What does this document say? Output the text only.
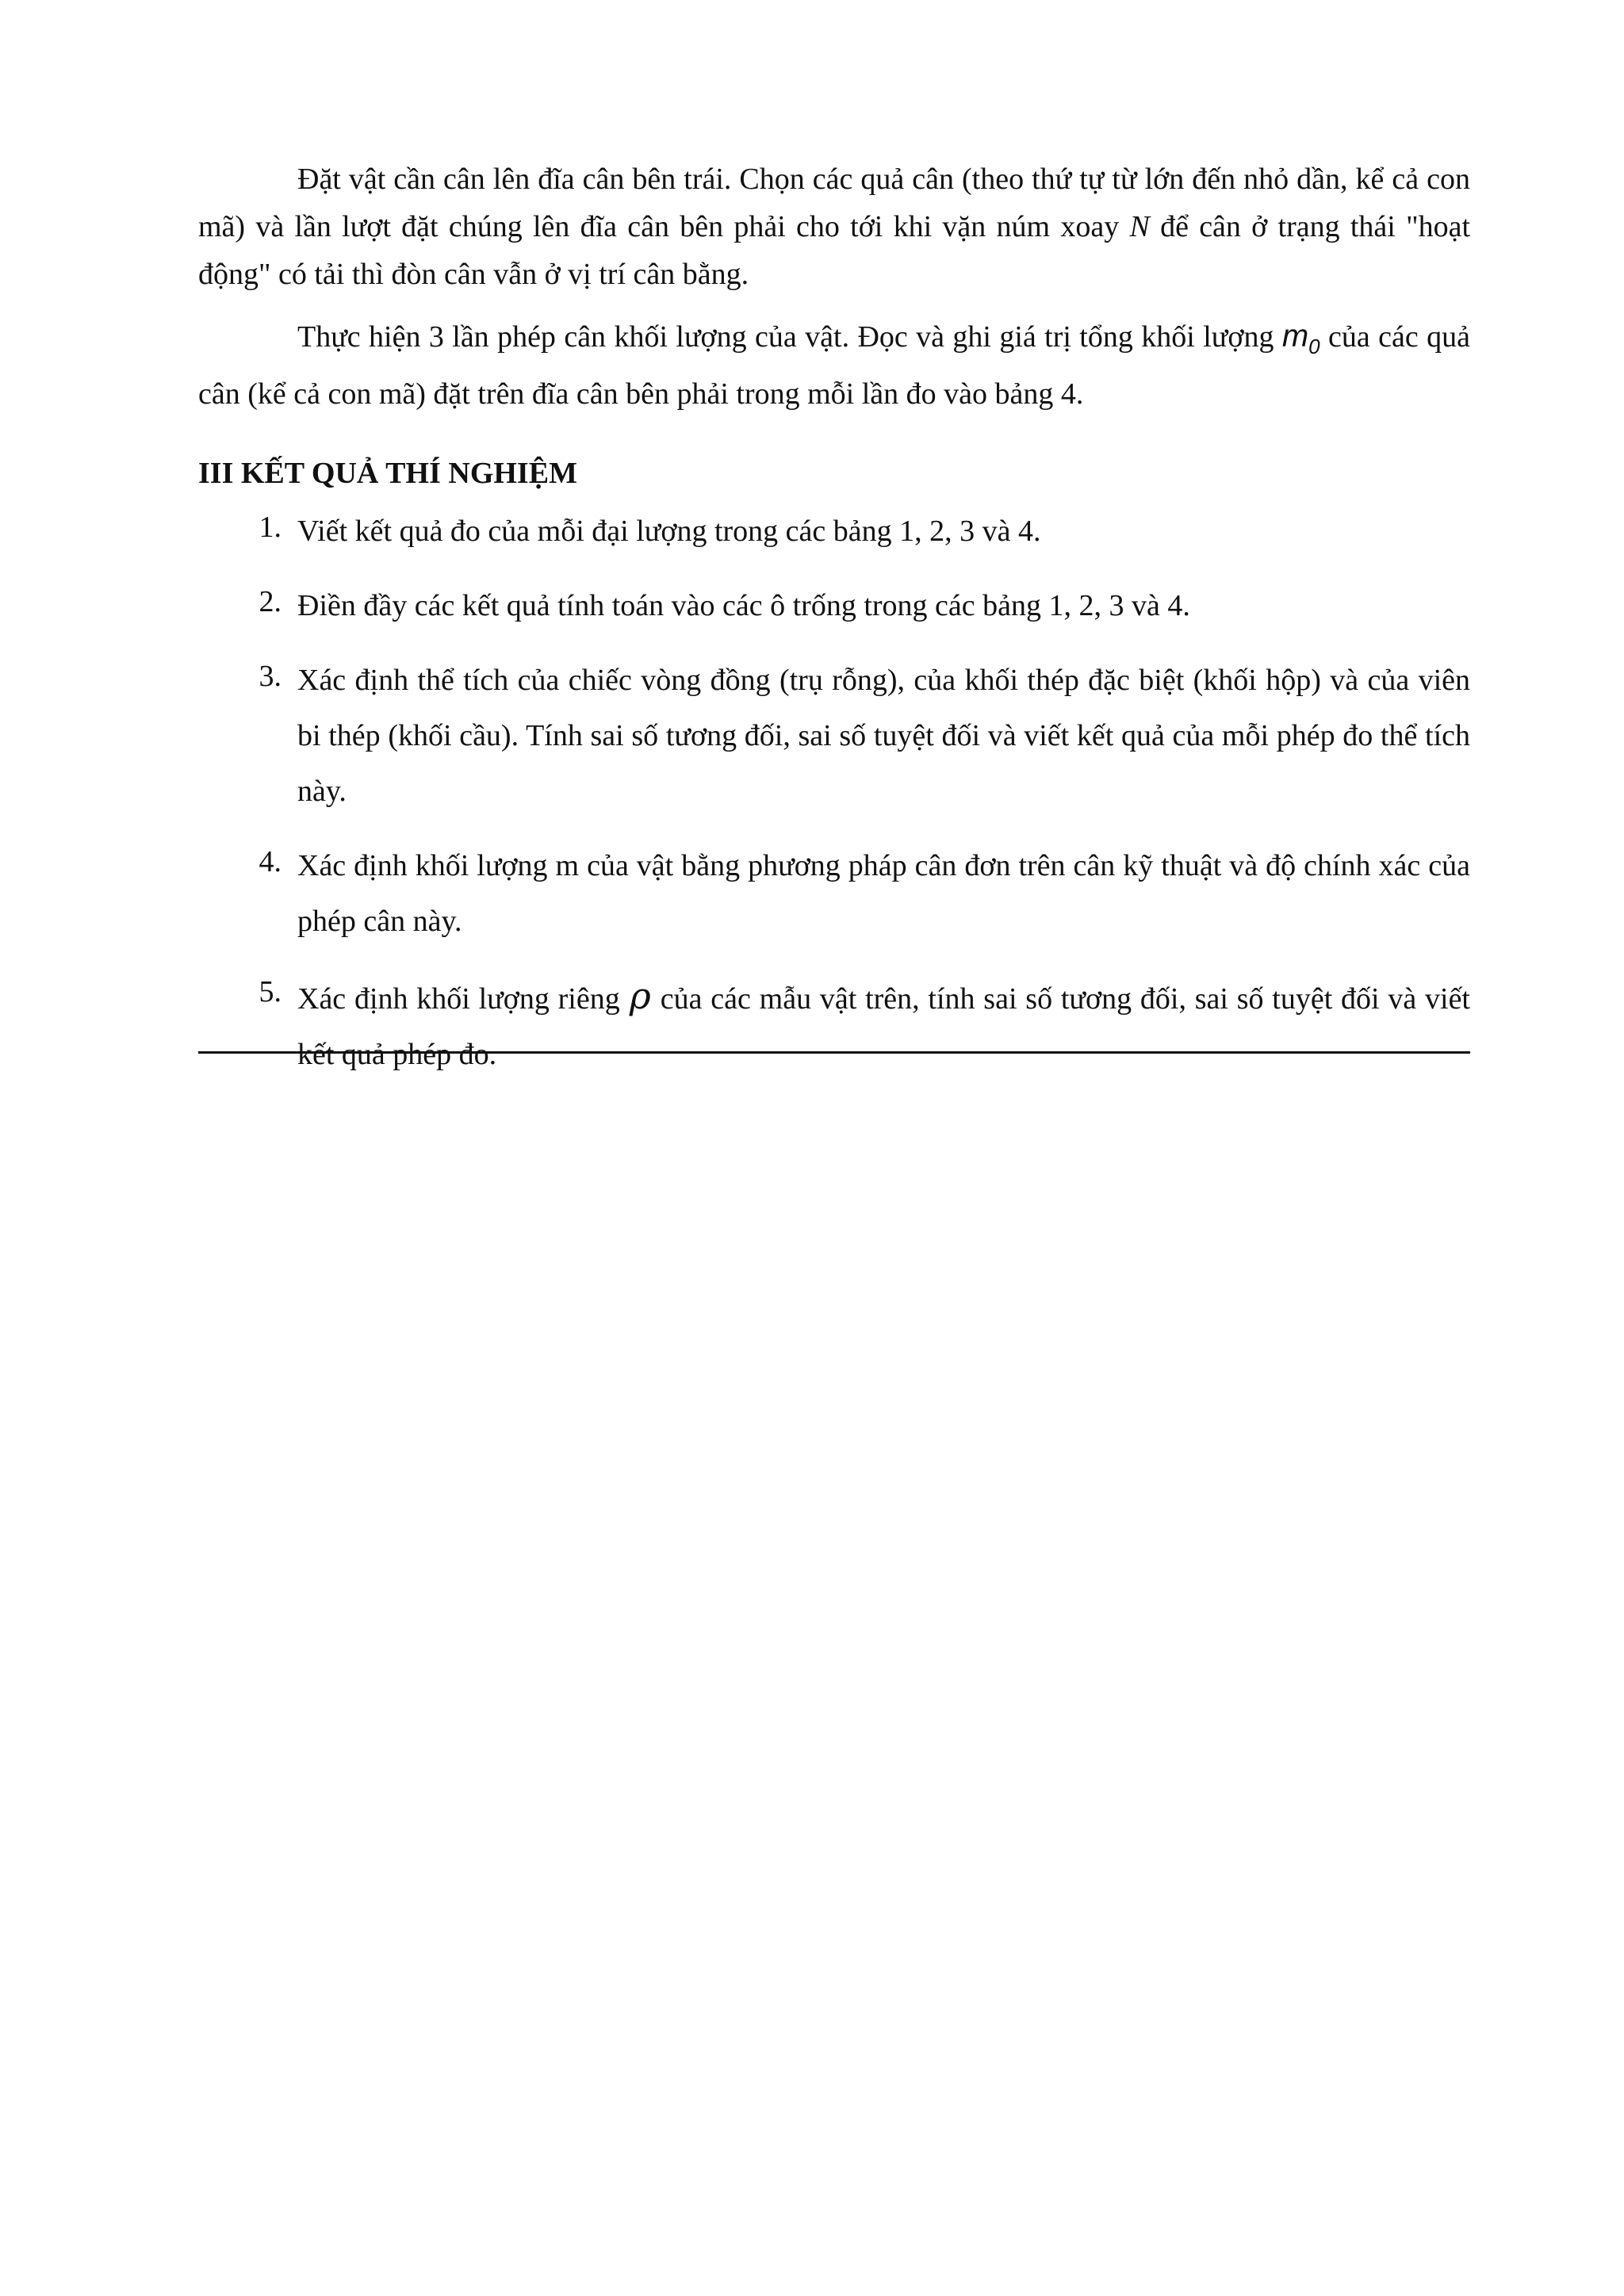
Đặt vật cần cân lên đĩa cân bên trái. Chọn các quả cân (theo thứ tự từ lớn đến nhỏ dần, kể cả con mã) và lần lượt đặt chúng lên đĩa cân bên phải cho tới khi vặn núm xoay N để cân ở trạng thái "hoạt động" có tải thì đòn cân vẫn ở vị trí cân bằng.

Thực hiện 3 lần phép cân khối lượng của vật. Đọc và ghi giá trị tổng khối lượng $m_0$ của các quả cân (kể cả con mã) đặt trên đĩa cân bên phải trong mỗi lần đo vào bảng 4.

III KẾT QUẢ THÍ NGHIỆM
1. Viết kết quả đo của mỗi đại lượng trong các bảng 1, 2, 3 và 4.
2. Điền đầy các kết quả tính toán vào các ô trống trong các bảng 1, 2, 3 và 4.
3. Xác định thể tích của chiếc vòng đồng (trụ rỗng), của khối thép đặc biệt (khối hộp) và của viên bi thép (khối cầu). Tính sai số tương đối, sai số tuyệt đối và viết kết quả của mỗi phép đo thể tích này.
4. Xác định khối lượng m của vật bằng phương pháp cân đơn trên cân kỹ thuật và độ chính xác của phép cân này.
5. Xác định khối lượng riêng ρ của các mẫu vật trên, tính sai số tương đối, sai số tuyệt đối và viết kết quả phép đo.
